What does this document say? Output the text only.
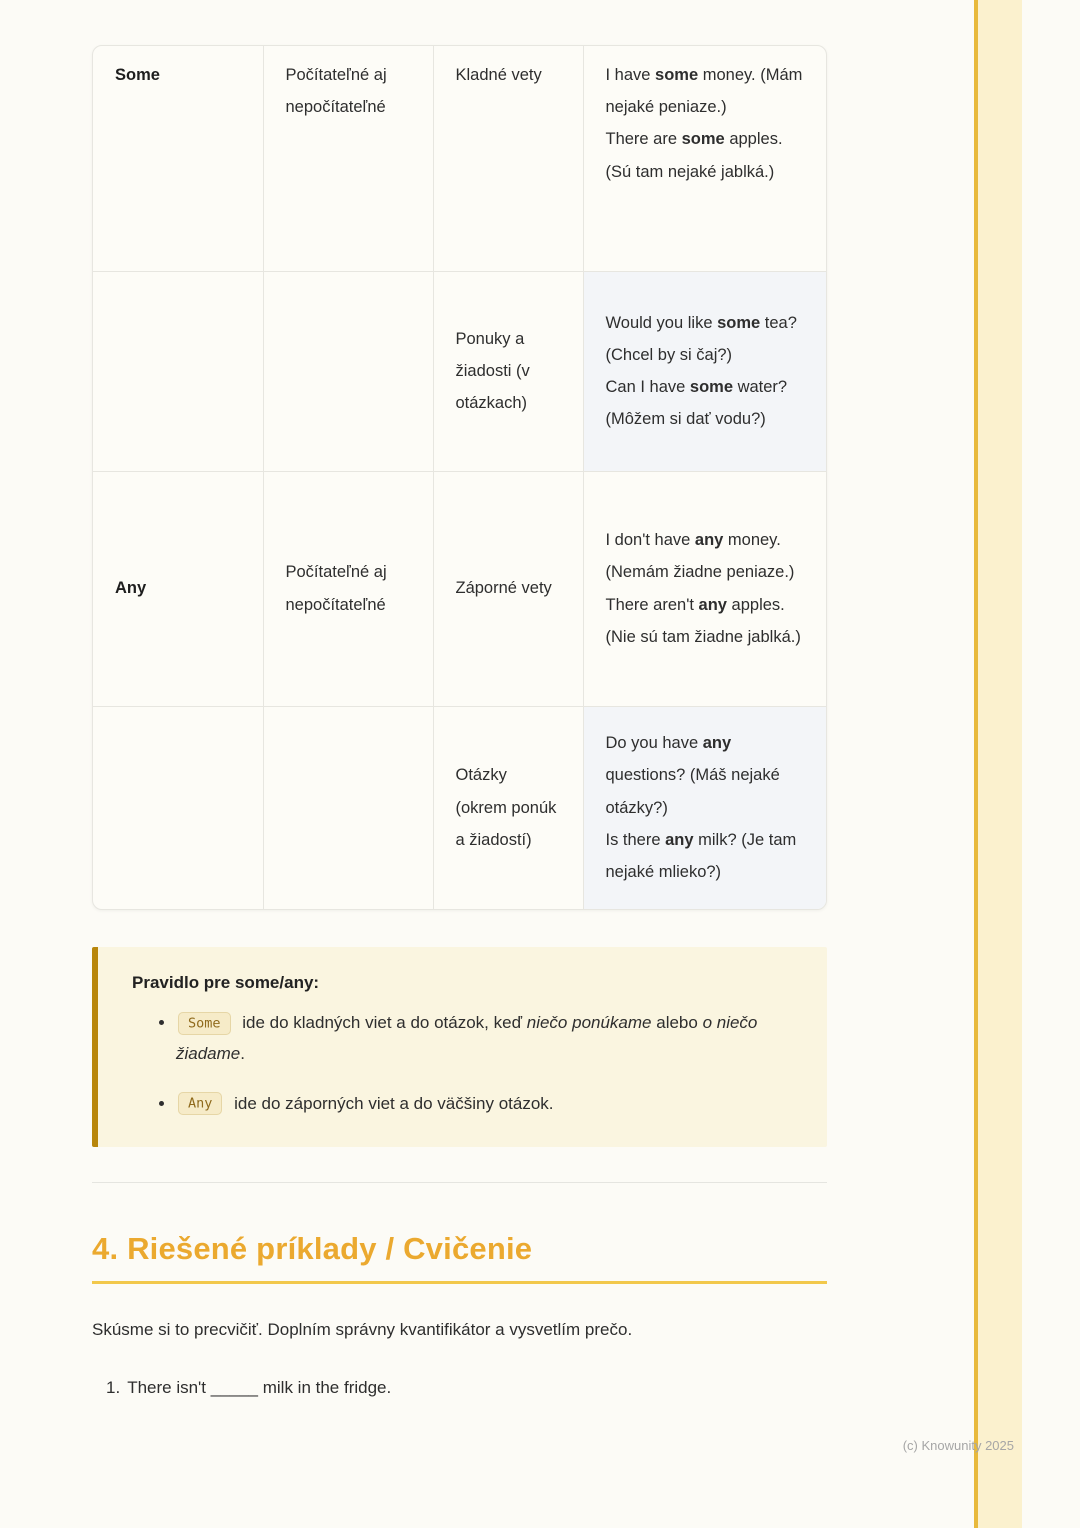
Some	Počítateľné aj nepočítateľné	Kladné vety	I have some money. (Mám nejaké peniaze.)
There are some apples. (Sú tam nejaké jablká.)
		Ponuky a žiadosti (v otázkach)	Would you like some tea? (Chcel by si čaj?)
Can I have some water? (Môžem si dať vodu?)
Any	Počítateľné aj nepočítateľné	Záporné vety	I don't have any money. (Nemám žiadne peniaze.)
There aren't any apples. (Nie sú tam žiadne jablká.)
		Otázky (okrem ponúk a žiadostí)	Do you have any questions? (Máš nejaké otázky?)
Is there any milk? (Je tam nejaké mlieko?)

Pravidlo pre some/any:

• Some ide do kladných viet a do otázok, keď niečo ponúkame alebo o niečo žiadame.
• Any ide do záporných viet a do väčšiny otázok.
4. Riešené príklady / Cvičenie

Skúsme si to precvičiť. Doplním správny kvantifikátor a vysvetlím prečo.

1. There isn't _____ milk in the fridge.
(c) Knowunity 2025
